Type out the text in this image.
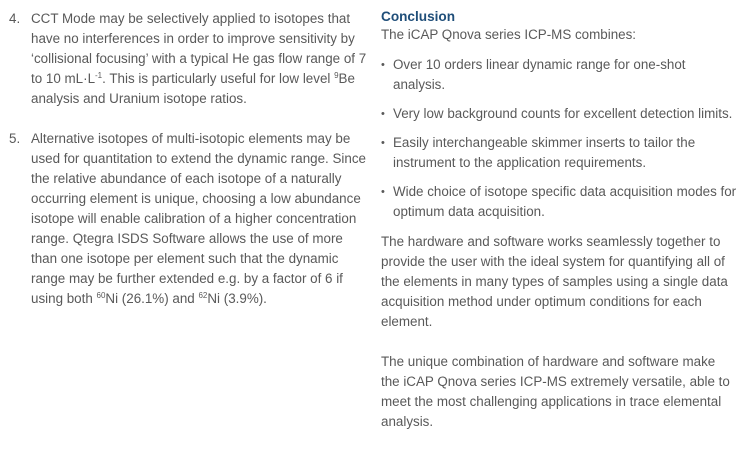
4. CCT Mode may be selectively applied to isotopes that have no interferences in order to improve sensitivity by ‘collisional focusing’ with a typical He gas flow range of 7 to 10 $mL\cdot L^{-1}$. This is particularly useful for low level $^9$Be analysis and Uranium isotope ratios.

5. Alternative isotopes of multi-isotopic elements may be used for quantitation to extend the dynamic range. Since the relative abundance of each isotope of a naturally occurring element is unique, choosing a low abundance isotope will enable calibration of a higher concentration range. Qtegra ISDS Software allows the use of more than one isotope per element such that the dynamic range may be further extended e.g. by a factor of 6 if using both $^{60}$Ni (26.1%) and $^{62}$Ni (3.9%).

Conclusion

The iCAP Qnova series ICP-MS combines:

• Over 10 orders linear dynamic range for one-shot analysis.
• Very low background counts for excellent detection limits.
• Easily interchangeable skimmer inserts to tailor the instrument to the application requirements.
• Wide choice of isotope specific data acquisition modes for optimum data acquisition.

The hardware and software works seamlessly together to provide the user with the ideal system for quantifying all of the elements in many types of samples using a single data acquisition method under optimum conditions for each element.

The unique combination of hardware and software make the iCAP Qnova series ICP-MS extremely versatile, able to meet the most challenging applications in trace elemental analysis.
